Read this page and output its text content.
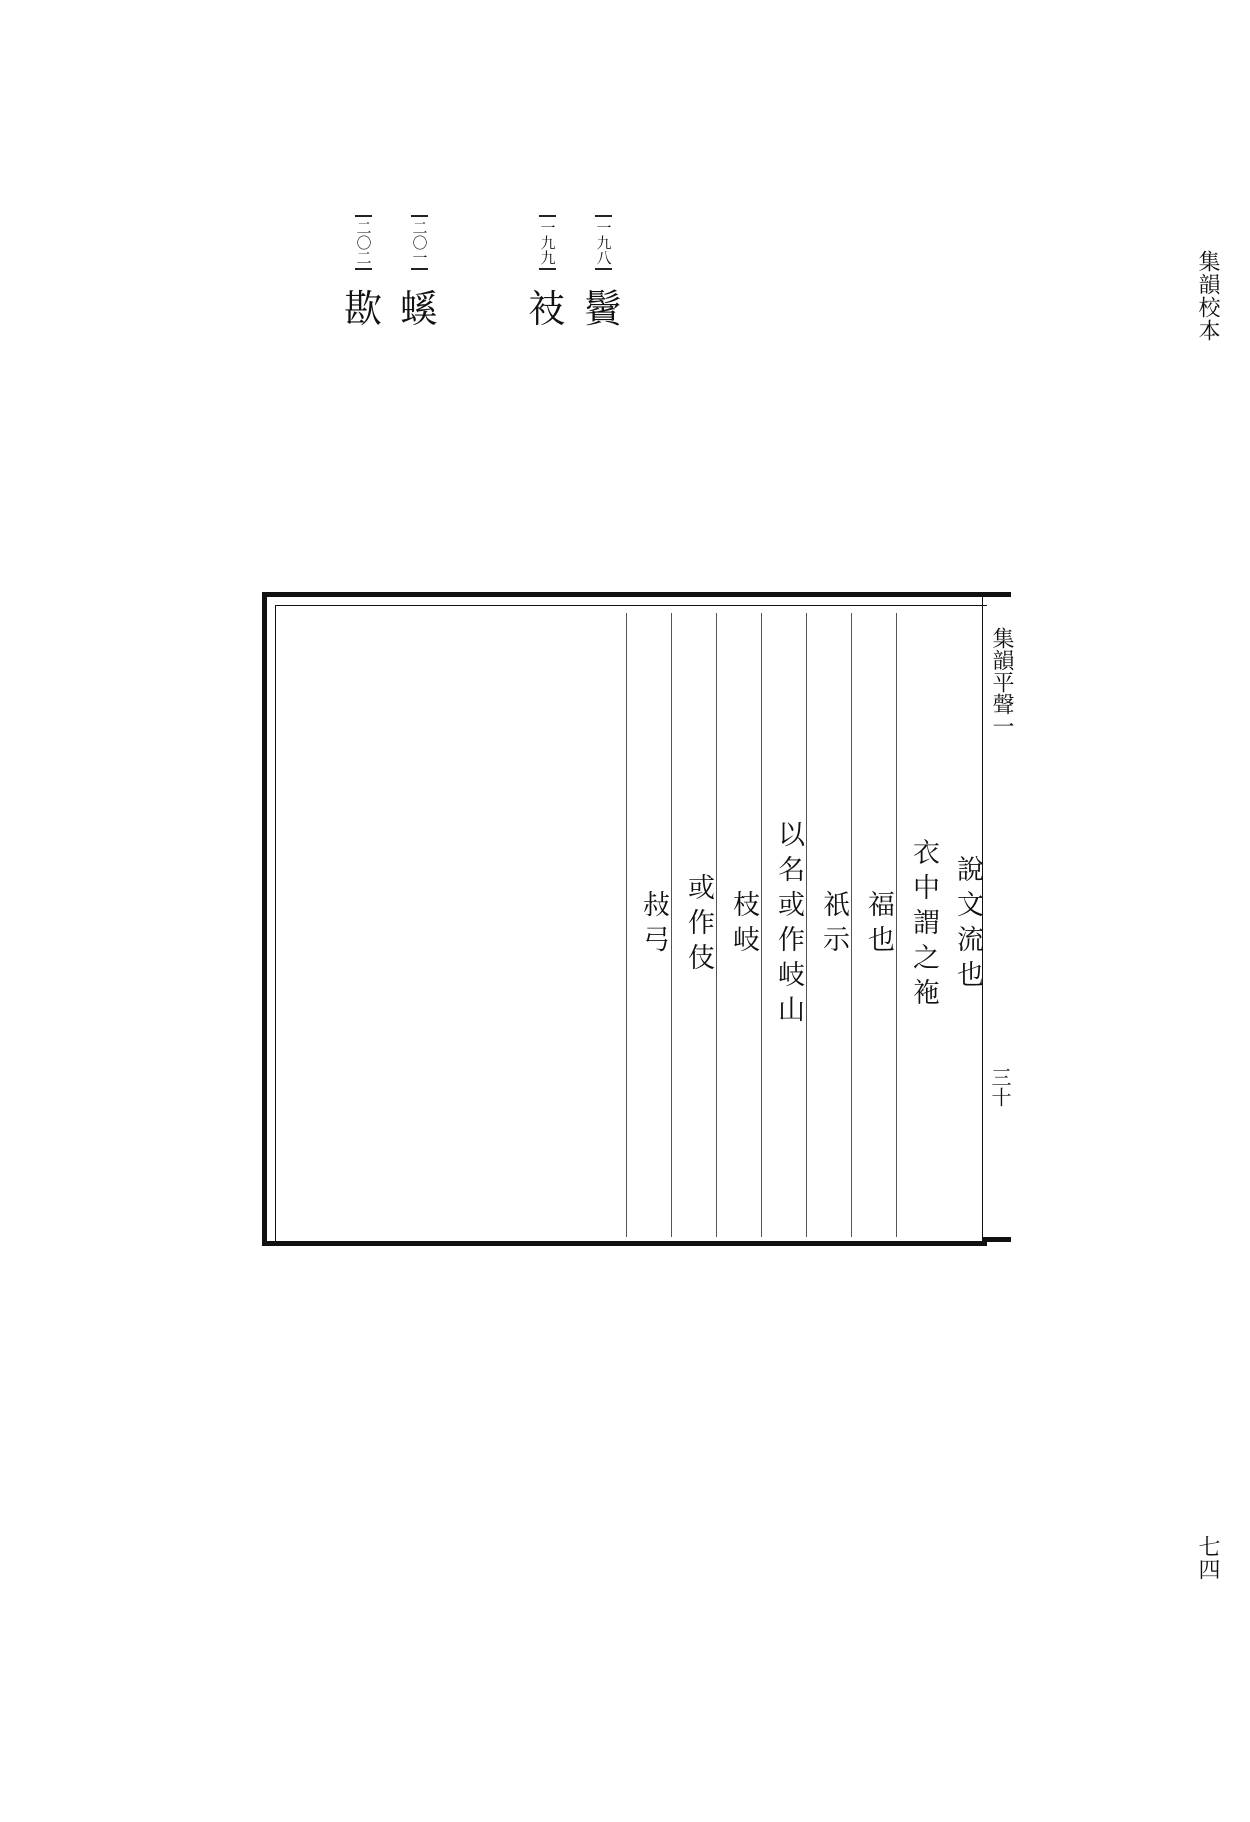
集韻校本
七四
一九八
鬢
一九九
衼
二〇一
螇
二〇二
歁
說文流也
衣中謂之袘
福也
祇示
以名或作岐山
枝岐
或作伎
敊弓
集韻平聲一
三十
